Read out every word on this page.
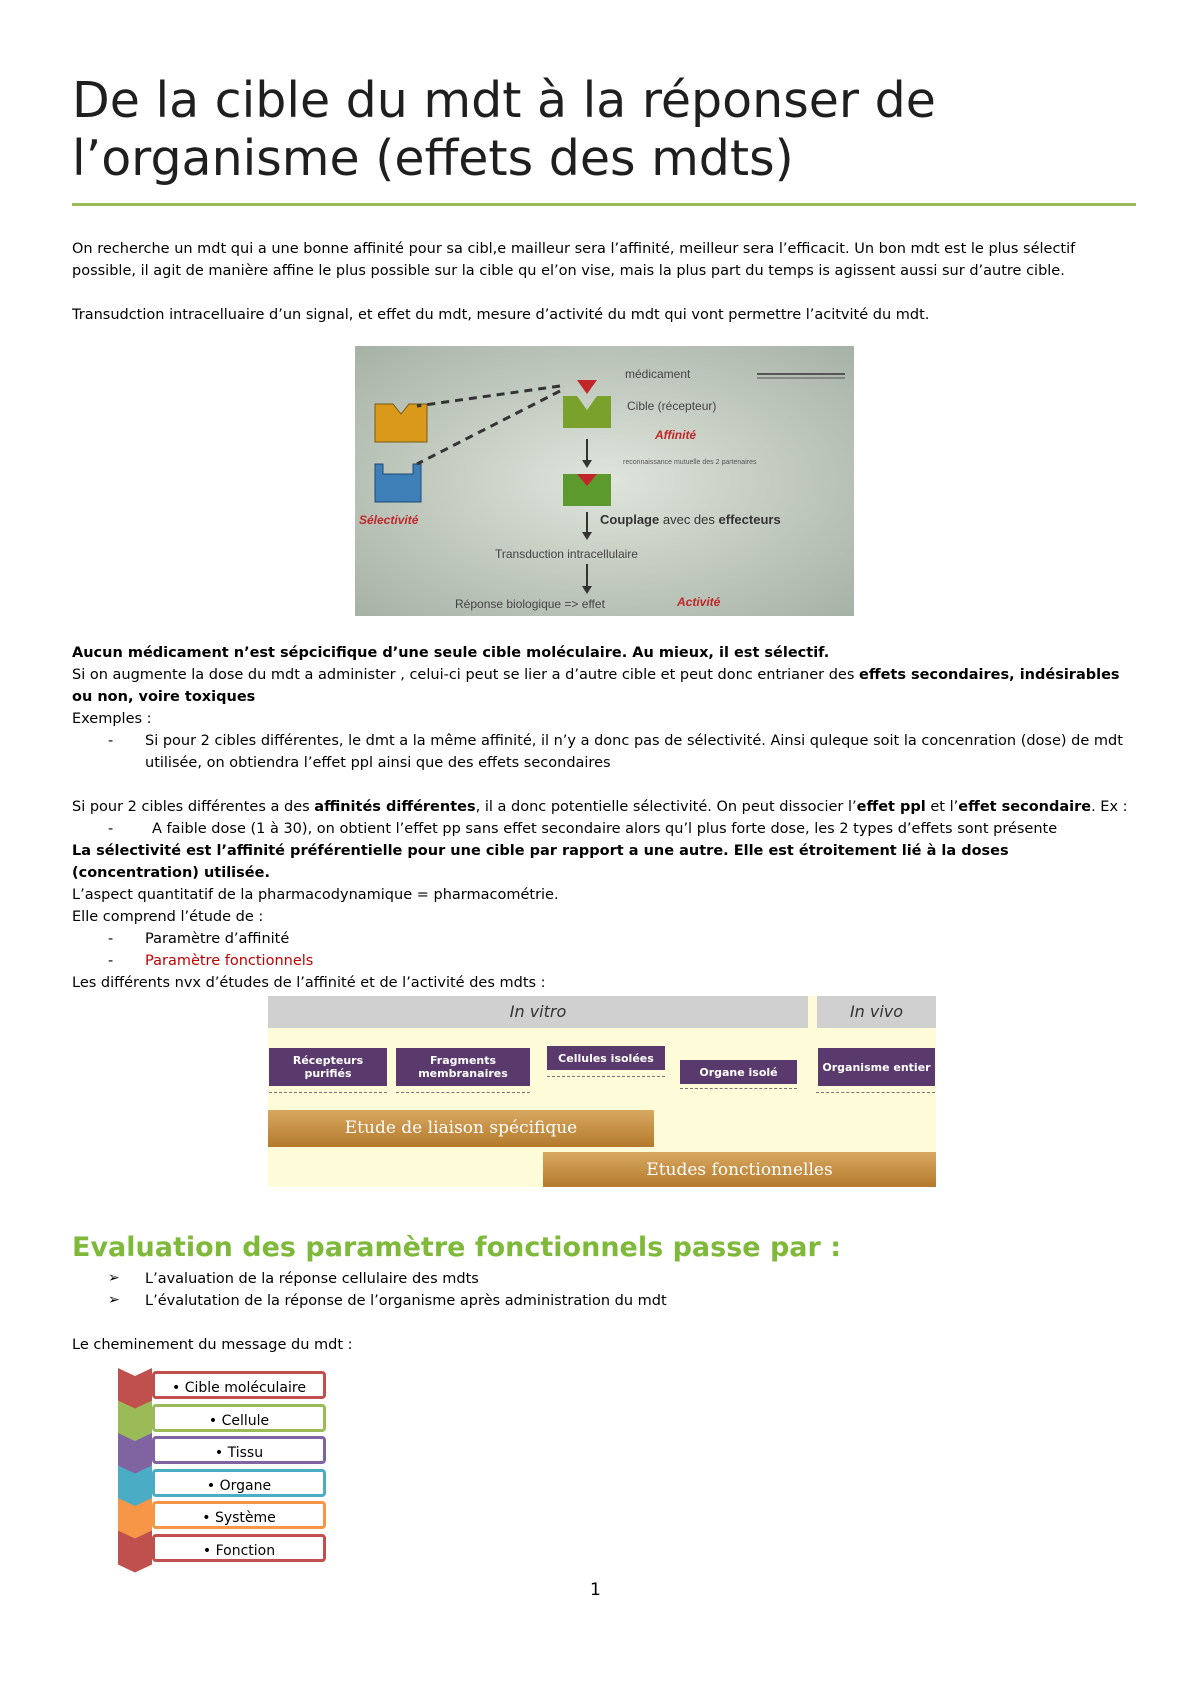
De la cible du mdt à la réponser de l’organisme (effets des mdts)

On recherche un mdt qui a une bonne affinité pour sa cibl,e mailleur sera l’affinité, meilleur sera l’efficacit. Un bon mdt est le plus sélectif possible, il agit de manière affine le plus possible sur la cible qu el’on vise, mais la plus part du temps is agissent aussi sur d’autre cible.

Transudction intracelluaire d’un signal, et effet du mdt, mesure d’activité du mdt qui vont permettre l’acitvité du mdt.

médicament
Cible (récepteur)
Affinité
reconnaissance mutuelle des 2 partenaires
Sélectivité	Couplage avec des effecteurs
Transduction intracellulaire
Réponse biologique => effet	Activité

Aucun médicament n’est sépcicifique d’une seule cible moléculaire. Au mieux, il est sélectif.

Si on augmente la dose du mdt a administer , celui-ci peut se lier a d’autre cible et peut donc entrianer des effets secondaires, indésirables ou non, voire toxiques

Exemples :

- Si pour 2 cibles différentes, le dmt a la même affinité, il n’y a donc pas de sélectivité. Ainsi quleque soit la concenration (dose) de mdt utilisée, on obtiendra l’effet ppl ainsi que des effets secondaires

Si pour 2 cibles différentes a des affinités différentes, il a donc potentielle sélectivité. On peut dissocier l’effet ppl et l’effet secondaire. Ex :

-	A faible dose (1 à 30), on obtient l’effet pp sans effet secondaire alors qu’l plus forte dose, les 2 types d’effets sont présente

La sélectivité est l’affinité préférentielle pour une cible par rapport a une autre. Elle est étroitement lié à la doses (concentration) utilisée.

L’aspect quantitatif de la pharmacodynamique = pharmacométrie.

Elle comprend l’étude de :

- Paramètre d’affinité
- Paramètre fonctionnels

Les différents nvx d’études de l’affinité et de l’activité des mdts :

In vitro	In vivo
Récepteurs purifiés
Fragments membranaires
Cellules isolées
Organe isolé	Organisme entier
Etude de liaison spécifique
Etudes fonctionnelles
Evaluation des paramètre fonctionnels passe par :
➢ L’avaluation de la réponse cellulaire des mdts
➢ L’évalutation de la réponse de l’organisme après administration du mdt

Le cheminement du message du mdt :

• Cible moléculaire
• Cellule
• Tissu
• Organe
• Système
• Fonction
1
